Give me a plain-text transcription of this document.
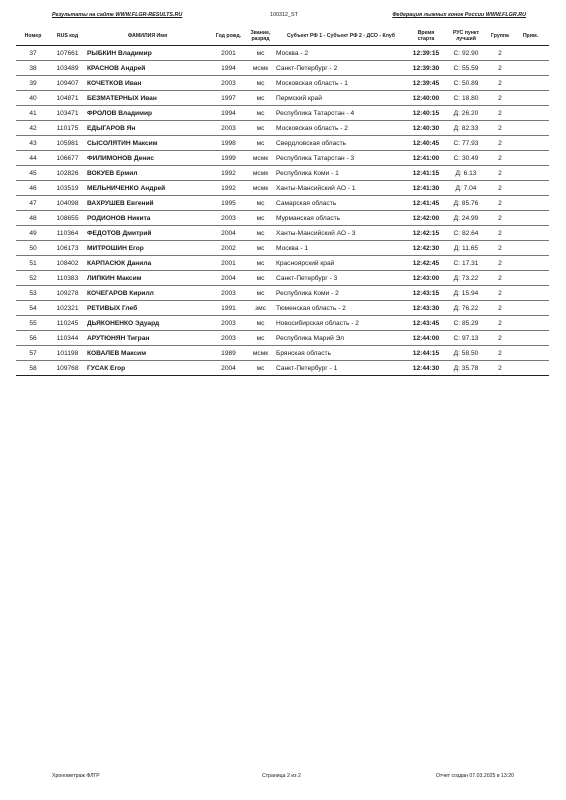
Результаты на сайте WWW.FLGR-RESULTS.RU	100312_ST	Федерация лыжных гонок России WWW.FLGR.RU
Номер	RUS код	ФАМИЛИЯ Имя	Год рожд.	Звание, разряд	Субъект РФ 1 - Субъект РФ 2 - ДСО - Клуб	Время старта	РУС пункт лучший	Группа	Прим.
37	107661	РЫБКИН Владимир	2001	мс	Москва - 2	12:39:15	С: 92.90	2	
38	103489	КРАСНОВ Андрей	1994	мсмк	Санкт-Петербург - 2	12:39:30	С: 55.59	2	
39	109407	КОЧЕТКОВ Иван	2003	мс	Московская область - 1	12:39:45	С: 50.89	2	
40	104871	БЕЗМАТЕРНЫХ Иван	1997	мс	Пермский край	12:40:00	С: 18.80	2	
41	103471	ФРОЛОВ Владимир	1994	мс	Республика Татарстан - 4	12:40:15	Д: 26.20	2	
42	110175	ЕДЫГАРОВ Ян	2003	мс	Московская область - 2	12:40:30	Д: 82.33	2	
43	105981	СЫСОЛЯТИН Максим	1998	мс	Свердловская область	12:40:45	С: 77.93	2	
44	106677	ФИЛИМОНОВ Денис	1999	мсмк	Республика Татарстан - 3	12:41:00	С: 30.49	2	
45	102826	ВОКУЕВ Ермил	1992	мсмк	Республика Коми - 1	12:41:15	Д: 6.13	2	
46	103519	МЕЛЬНИЧЕНКО Андрей	1992	мсмк	Ханты-Мансийский АО - 1	12:41:30	Д: 7.04	2	
47	104098	ВАХРУШЕВ Евгений	1995	мс	Самарская область	12:41:45	Д: 85.76	2	
48	108655	РОДИОНОВ Никита	2003	мс	Мурманская область	12:42:00	Д: 24.99	2	
49	110364	ФЕДОТОВ Дмитрий	2004	мс	Ханты-Мансийский АО - 3	12:42:15	С: 82.64	2	
50	106173	МИТРОШИН Егор	2002	мс	Москва - 1	12:42:30	Д: 11.65	2	
51	108402	КАРПАСЮК Данила	2001	мс	Красноярский край	12:42:45	С: 17.31	2	
52	110383	ЛИПКИН Максим	2004	мс	Санкт-Петербург - 3	12:43:00	Д: 73.22	2	
53	109278	КОЧЕГАРОВ Кирилл	2003	мс	Республика Коми - 2	12:43:15	Д: 15.94	2	
54	102321	РЕТИВЫХ Глеб	1991	змс	Тюменская область - 2	12:43:30	Д: 76.22	2	
55	110245	ДЬЯКОНЕНКО Эдуард	2003	мс	Новосибирская область - 2	12:43:45	С: 85.29	2	
56	110344	АРУТЮНЯН Тигран	2003	мс	Республика Марий Эл	12:44:00	С: 97.13	2	
57	101198	КОВАЛЕВ Максим	1989	мсмк	Брянская область	12:44:15	Д: 58.50	2	
58	109768	ГУСАК Егор	2004	мс	Санкт-Петербург - 1	12:44:30	Д: 35.78	2	
Хронометраж ФЛГР	Страница 2 из 2	Отчет создан 07.03.2025 в 13:20
